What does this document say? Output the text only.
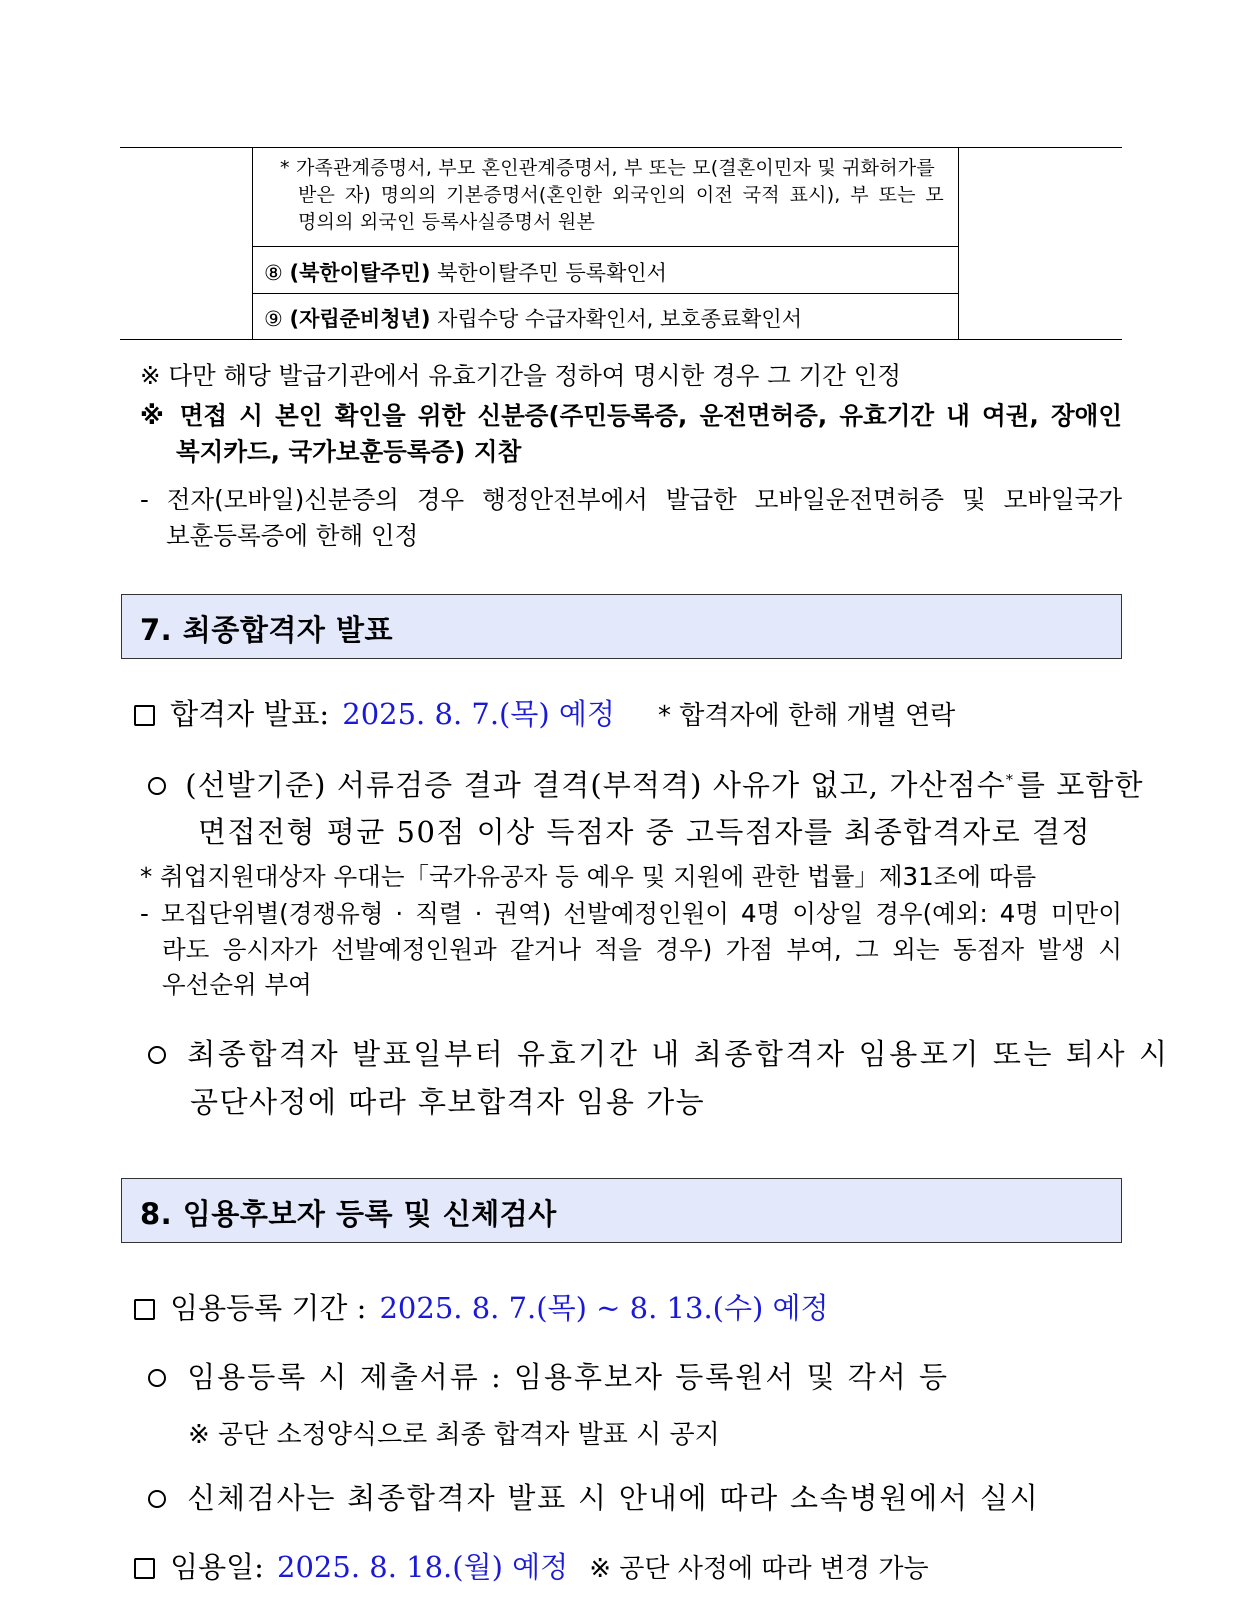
* 가족관계증명서, 부모 혼인관계증명서, 부 또는 모(결혼이민자 및 귀화허가를
받은 자) 명의의 기본증명서(혼인한 외국인의 이전 국적 표시), 부 또는 모
명의의 외국인 등록사실증명서 원본
⑧ (북한이탈주민) 북한이탈주민 등록확인서
⑨ (자립준비청년) 자립수당 수급자확인서, 보호종료확인서
※ 다만 해당 발급기관에서 유효기간을 정하여 명시한 경우 그 기간 인정
※ 면접 시 본인 확인을 위한 신분증(주민등록증, 운전면허증, 유효기간 내 여권, 장애인
복지카드, 국가보훈등록증) 지참
- 전자(모바일)신분증의 경우 행정안전부에서 발급한 모바일운전면허증 및 모바일국가
보훈등록증에 한해 인정
7. 최종합격자 발표
합격자 발표: 2025. 8. 7.(목) 예정 * 합격자에 한해 개별 연락
(선발기준) 서류검증 결과 결격(부적격) 사유가 없고, 가산점수* 를 포함한
면접전형 평균 50점 이상 득점자 중 고득점자를 최종합격자로 결정
* 취업지원대상자 우대는「국가유공자 등 예우 및 지원에 관한 법률」제31조에 따름
- 모집단위별(경쟁유형 · 직렬 · 권역) 선발예정인원이 4명 이상일 경우(예외: 4명 미만이
라도 응시자가 선발예정인원과 같거나 적을 경우) 가점 부여, 그 외는 동점자 발생 시
우선순위 부여
최종합격자 발표일부터 유효기간 내 최종합격자 임용포기 또는 퇴사 시
공단사정에 따라 후보합격자 임용 가능
8. 임용후보자 등록 및 신체검사
임용등록 기간 : 2025. 8. 7.(목) ~ 8. 13.(수) 예정
임용등록 시 제출서류 : 임용후보자 등록원서 및 각서 등
※ 공단 소정양식으로 최종 합격자 발표 시 공지
신체검사는 최종합격자 발표 시 안내에 따라 소속병원에서 실시
임용일: 2025. 8. 18.(월) 예정 ※ 공단 사정에 따라 변경 가능
